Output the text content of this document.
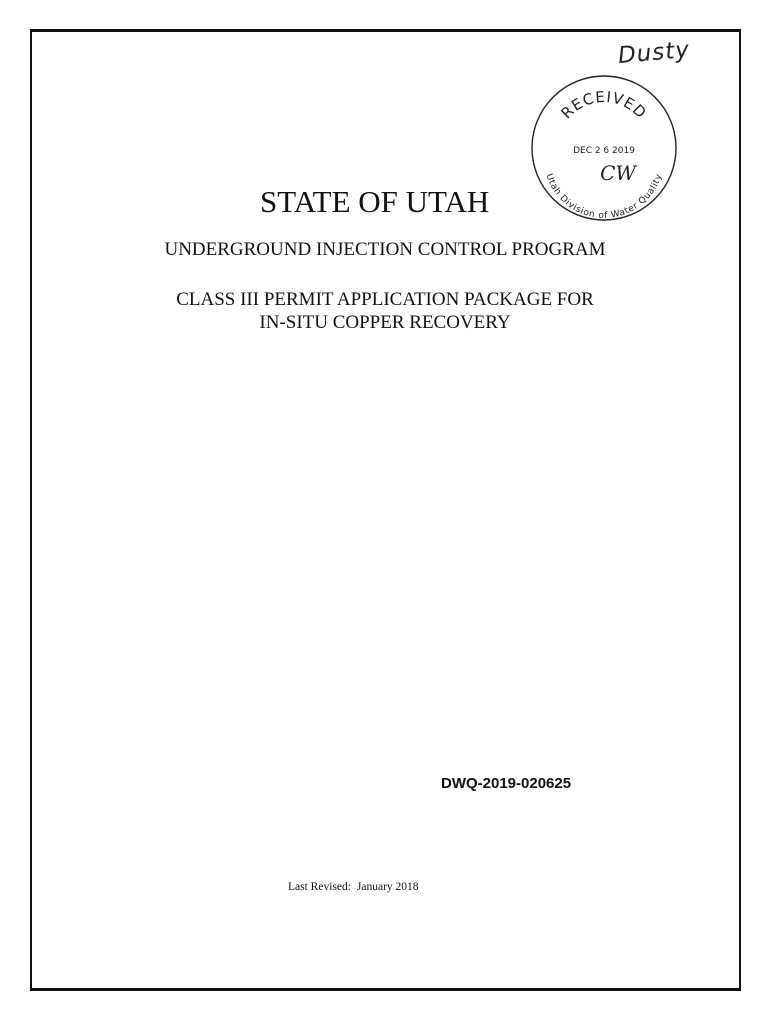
Dusty
RECEIVED
DEC 2 6 2019
CW
Utah Division of Water Quality
STATE OF UTAH
UNDERGROUND INJECTION CONTROL PROGRAM
CLASS III PERMIT APPLICATION PACKAGE FOR
IN-SITU COPPER RECOVERY
DWQ-2019-020625
Last Revised: January 2018
